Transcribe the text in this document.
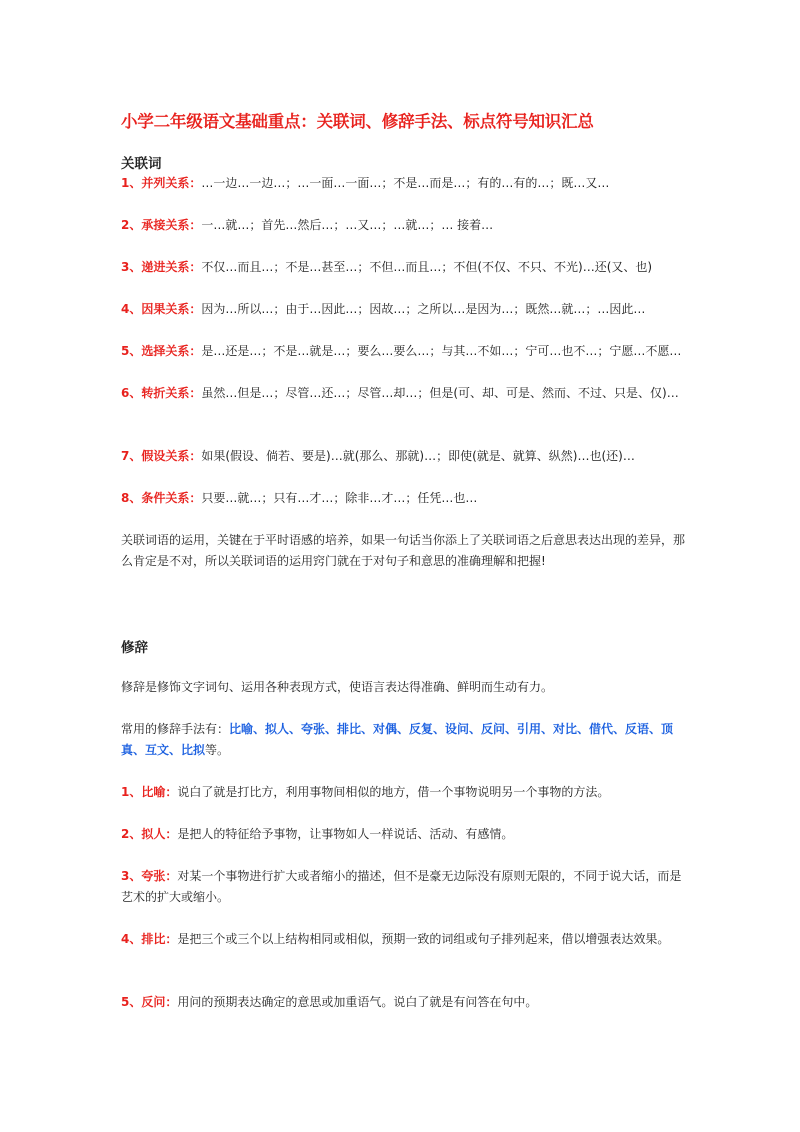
小学二年级语文基础重点：关联词、修辞手法、标点符号知识汇总
关联词
1、并列关系：…一边…一边…；…一面…一面…；不是…而是…；有的…有的…；既…又…
2、承接关系：一…就…；首先…然后…；…又…；…就…；… 接着…
3、递进关系：不仅…而且…；不是…甚至…；不但…而且…；不但(不仅、不只、不光)…还(又、也)
4、因果关系：因为…所以…；由于…因此…；因故…；之所以…是因为…；既然…就…；…因此…
5、选择关系：是…还是…；不是…就是…；要么…要么…；与其…不如…；宁可…也不…；宁愿…不愿…
6、转折关系：虽然…但是…；尽管…还…；尽管…却…；但是(可、却、可是、然而、不过、只是、仅)…
7、假设关系：如果(假设、倘若、要是)…就(那么、那就)…；即使(就是、就算、纵然)…也(还)…
8、条件关系：只要…就…；只有…才…；除非…才…；任凭…也…
关联词语的运用，关键在于平时语感的培养，如果一句话当你添上了关联词语之后意思表达出现的差异，那么肯定是不对，所以关联词语的运用窍门就在于对句子和意思的准确理解和把握!
修辞
修辞是修饰文字词句、运用各种表现方式，使语言表达得准确、鲜明而生动有力。
常用的修辞手法有：比喻、拟人、夸张、排比、对偶、反复、设问、反问、引用、对比、借代、反语、顶真、互文、比拟等。
1、比喻：说白了就是打比方，利用事物间相似的地方，借一个事物说明另一个事物的方法。
2、拟人：是把人的特征给予事物，让事物如人一样说话、活动、有感情。
3、夸张：对某一个事物进行扩大或者缩小的描述，但不是豪无边际没有原则无限的，不同于说大话，而是艺术的扩大或缩小。
4、排比：是把三个或三个以上结构相同或相似，预期一致的词组或句子排列起来，借以增强表达效果。
5、反问：用问的预期表达确定的意思或加重语气。说白了就是有问答在句中。
